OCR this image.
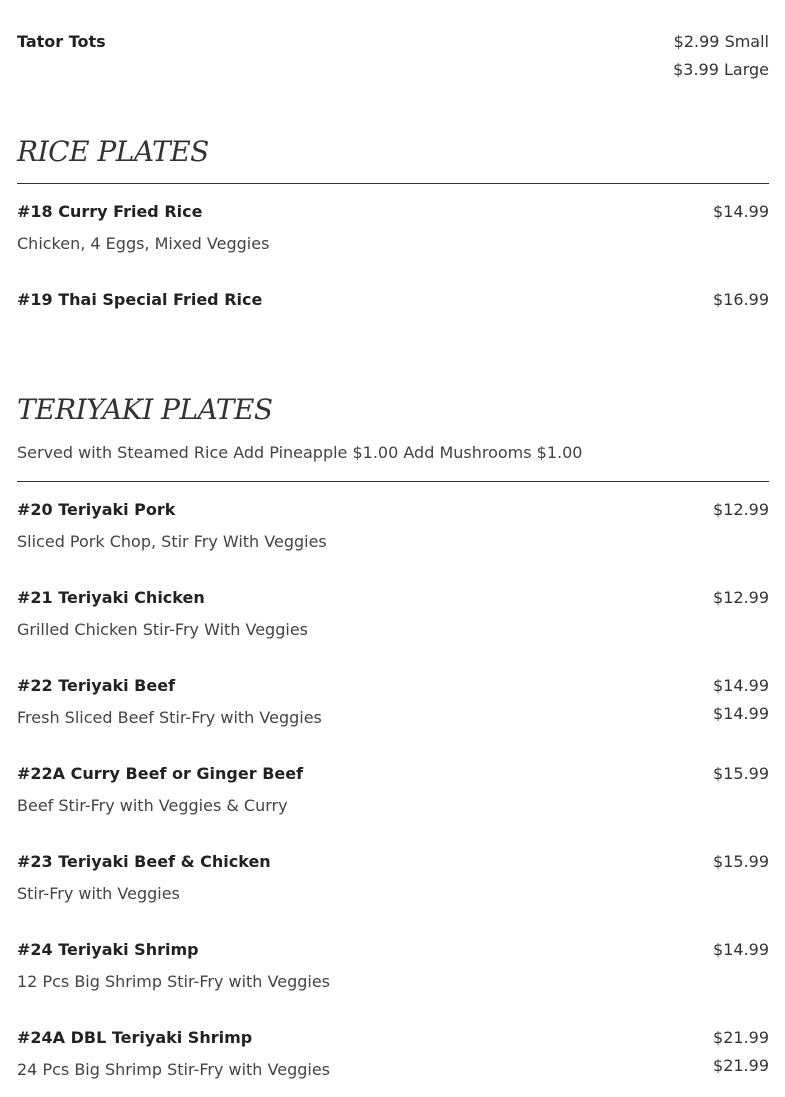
Tator Tots	$2.99 Small
$3.99 Large
RICE PLATES
#18 Curry Fried Rice	$14.99
Chicken, 4 Eggs, Mixed Veggies
#19 Thai Special Fried Rice	$16.99
TERIYAKI PLATES
Served with Steamed Rice Add Pineapple $1.00 Add Mushrooms $1.00
#20 Teriyaki Pork	$12.99
Sliced Pork Chop, Stir Fry With Veggies
#21 Teriyaki Chicken	$12.99
Grilled Chicken Stir-Fry With Veggies
#22 Teriyaki Beef	$14.99
$14.99
Fresh Sliced Beef Stir-Fry with Veggies
#22A Curry Beef or Ginger Beef	$15.99
Beef Stir-Fry with Veggies & Curry
#23 Teriyaki Beef & Chicken	$15.99
Stir-Fry with Veggies
#24 Teriyaki Shrimp	$14.99
12 Pcs Big Shrimp Stir-Fry with Veggies
#24A DBL Teriyaki Shrimp	$21.99
$21.99
24 Pcs Big Shrimp Stir-Fry with Veggies
